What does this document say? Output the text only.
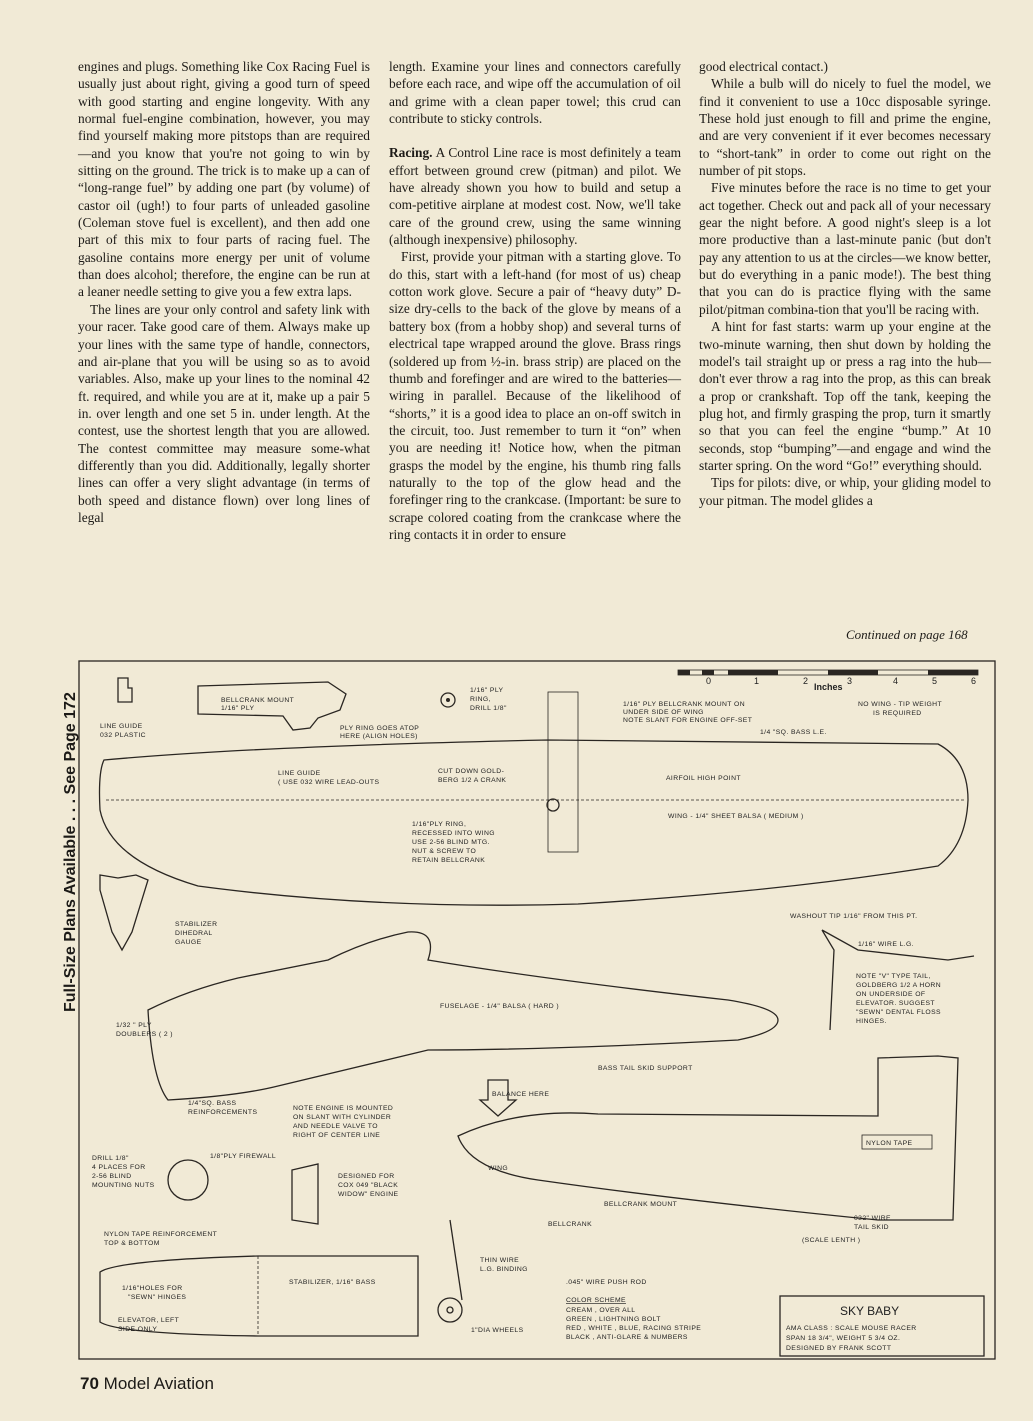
engines and plugs. Something like Cox Racing Fuel is usually just about right, giving a good turn of speed with good starting and engine longevity. With any normal fuel-engine combination, however, you may find yourself making more pitstops than are required—and you know that you're not going to win by sitting on the ground. The trick is to make up a can of “long-range fuel” by adding one part (by volume) of castor oil (ugh!) to four parts of unleaded gasoline (Coleman stove fuel is excellent), and then add one part of this mix to four parts of racing fuel. The gasoline contains more energy per unit of volume than does alcohol; therefore, the engine can be run at a leaner needle setting to give you a few extra laps.

The lines are your only control and safety link with your racer. Take good care of them. Always make up your lines with the same type of handle, connectors, and air-plane that you will be using so as to avoid variables. Also, make up your lines to the nominal 42 ft. required, and while you are at it, make up a pair 5 in. over length and one set 5 in. under length. At the contest, use the shortest length that you are allowed. The contest committee may measure some-what differently than you did. Additionally, legally shorter lines can offer a very slight advantage (in terms of both speed and distance flown) over long lines of legal

length. Examine your lines and connectors carefully before each race, and wipe off the accumulation of oil and grime with a clean paper towel; this crud can contribute to sticky controls.

Racing. A Control Line race is most definitely a team effort between ground crew (pitman) and pilot. We have already shown you how to build and setup a com-petitive airplane at modest cost. Now, we'll take care of the ground crew, using the same winning (although inexpensive) philosophy.

First, provide your pitman with a starting glove. To do this, start with a left-hand (for most of us) cheap cotton work glove. Secure a pair of “heavy duty” D-size dry-cells to the back of the glove by means of a battery box (from a hobby shop) and several turns of electrical tape wrapped around the glove. Brass rings (soldered up from ½-in. brass strip) are placed on the thumb and forefinger and are wired to the batteries—wiring in parallel. Because of the likelihood of “shorts,” it is a good idea to place an on-off switch in the circuit, too. Just remember to turn it “on” when you are needing it! Notice how, when the pitman grasps the model by the engine, his thumb ring falls naturally to the top of the glow head and the forefinger ring to the crankcase. (Important: be sure to scrape colored coating from the crankcase where the ring contacts it in order to ensure

good electrical contact.)

While a bulb will do nicely to fuel the model, we find it convenient to use a 10cc disposable syringe. These hold just enough to fill and prime the engine, and are very convenient if it ever becomes necessary to “short-tank” in order to come out right on the number of pit stops.

Five minutes before the race is no time to get your act together. Check out and pack all of your necessary gear the night before. A good night's sleep is a lot more productive than a last-minute panic (but don't pay any attention to us at the circles—we know better, but do everything in a panic mode!). The best thing that you can do is practice flying with the same pilot/pitman combina-tion that you'll be racing with.

A hint for fast starts: warm up your engine at the two-minute warning, then shut down by holding the model's tail straight up or press a rag into the hub—don't ever throw a rag into the prop, as this can break a prop or crankshaft. Top off the tank, keeping the plug hot, and firmly grasping the prop, turn it smartly so that you can feel the engine “bump.” At 10 seconds, stop “bumping”—and engage and wind the starter spring. On the word “Go!” everything should.

Tips for pilots: dive, or whip, your gliding model to your pitman. The model glides a

Continued on page 168
Full-Size Plans Available . . . See Page 172
0	1	2	3	4	5	6
Inches
LINE GUIDE
032 PLASTIC
BELLCRANK MOUNT
1/16" PLY
PLY RING GOES ATOP
HERE (ALIGN HOLES)
1/16" PLY
RING,
DRILL 1/8"
1/16" PLY BELLCRANK MOUNT ON
UNDER SIDE OF WING
NOTE SLANT FOR ENGINE OFF-SET
NO WING - TIP WEIGHT
IS REQUIRED
1/4 "SQ. BASS L.E.
LINE GUIDE
( USE 032 WIRE LEAD-OUTS
CUT DOWN GOLD-
BERG 1/2 A CRANK	AIRFOIL HIGH POINT
WING - 1/4" SHEET BALSA ( MEDIUM )
1/16"PLY RING,
RECESSED INTO WING
USE 2-56 BLIND MTG.
NUT & SCREW TO
RETAIN BELLCRANK
STABILIZER
DIHEDRAL
GAUGE
WASHOUT TIP 1/16" FROM THIS PT.
1/16" WIRE L.G.
FUSELAGE - 1/4" BALSA ( HARD )
1/32 " PLY
DOUBLERS ( 2 )
BASS TAIL SKID SUPPORT
1/4"SQ. BASS
REINFORCEMENTS
NOTE ENGINE IS MOUNTED
ON SLANT WITH CYLINDER
AND NEEDLE VALVE TO
RIGHT OF CENTER LINE
NOTE "V" TYPE TAIL,
GOLDBERG 1/2 A HORN
ON UNDERSIDE OF
ELEVATOR. SUGGEST
"SEWN" DENTAL FLOSS
HINGES.
BALANCE HERE
NYLON TAPE
WING
BELLCRANK MOUNT
BELLCRANK
032" WIRE
TAIL SKID
(SCALE LENTH )
DRILL 1/8"
4 PLACES FOR
2-56 BLIND
MOUNTING NUTS
1/8"PLY FIREWALL
DESIGNED FOR
COX 049 "BLACK
WIDOW" ENGINE
NYLON TAPE REINFORCEMENT
TOP & BOTTOM
1/16"HOLES FOR
"SEWN" HINGES
STABILIZER, 1/16" BASS
ELEVATOR, LEFT
SIDE ONLY	1"DIA WHEELS
THIN WIRE
L.G. BINDING
.045" WIRE PUSH ROD
COLOR SCHEME
CREAM , OVER ALL
GREEN , LIGHTNING BOLT
RED , WHITE , BLUE, RACING STRIPE
BLACK , ANTI-GLARE & NUMBERS
SKY BABY
AMA CLASS : SCALE MOUSE RACER
SPAN 18 3/4", WEIGHT 5 3/4 OZ.
DESIGNED BY FRANK SCOTT
70 Model Aviation
